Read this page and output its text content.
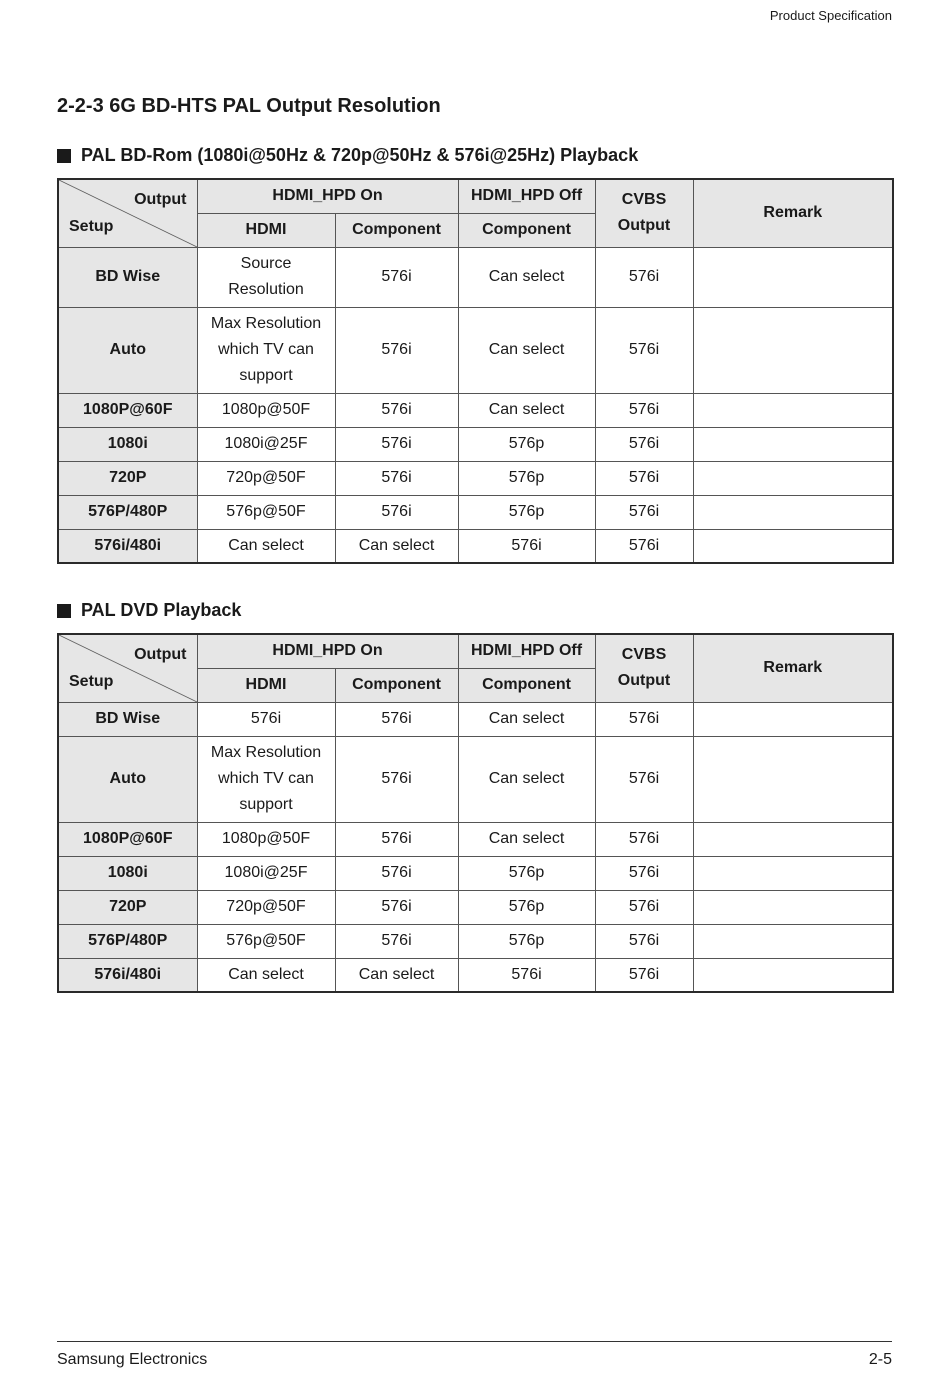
Product Specification
2-2-3 6G BD-HTS PAL Output Resolution
PAL BD-Rom (1080i@50Hz & 720p@50Hz & 576i@25Hz) Playback
Output
Setup	HDMI_HPD On		HDMI_HPD Off	CVBS
Output	Remark
	HDMI	Component	Component		
BD Wise	Source
Resolution	576i	Can select	576i	
Auto	Max Resolution
which TV can
support	576i	Can select	576i	
1080P@60F	1080p@50F	576i	Can select	576i	
1080i	1080i@25F	576i	576p	576i	
720P	720p@50F	576i	576p	576i	
576P/480P	576p@50F	576i	576p	576i	
576i/480i	Can select	Can select	576i	576i	
PAL DVD Playback
Output
Setup	HDMI_HPD On		HDMI_HPD Off	CVBS
Output	Remark
	HDMI	Component	Component		
BD Wise	576i	576i	Can select	576i	
Auto	Max Resolution
which TV can
support	576i	Can select	576i	
1080P@60F	1080p@50F	576i	Can select	576i	
1080i	1080i@25F	576i	576p	576i	
720P	720p@50F	576i	576p	576i	
576P/480P	576p@50F	576i	576p	576i	
576i/480i	Can select	Can select	576i	576i	
Samsung Electronics	2-5
